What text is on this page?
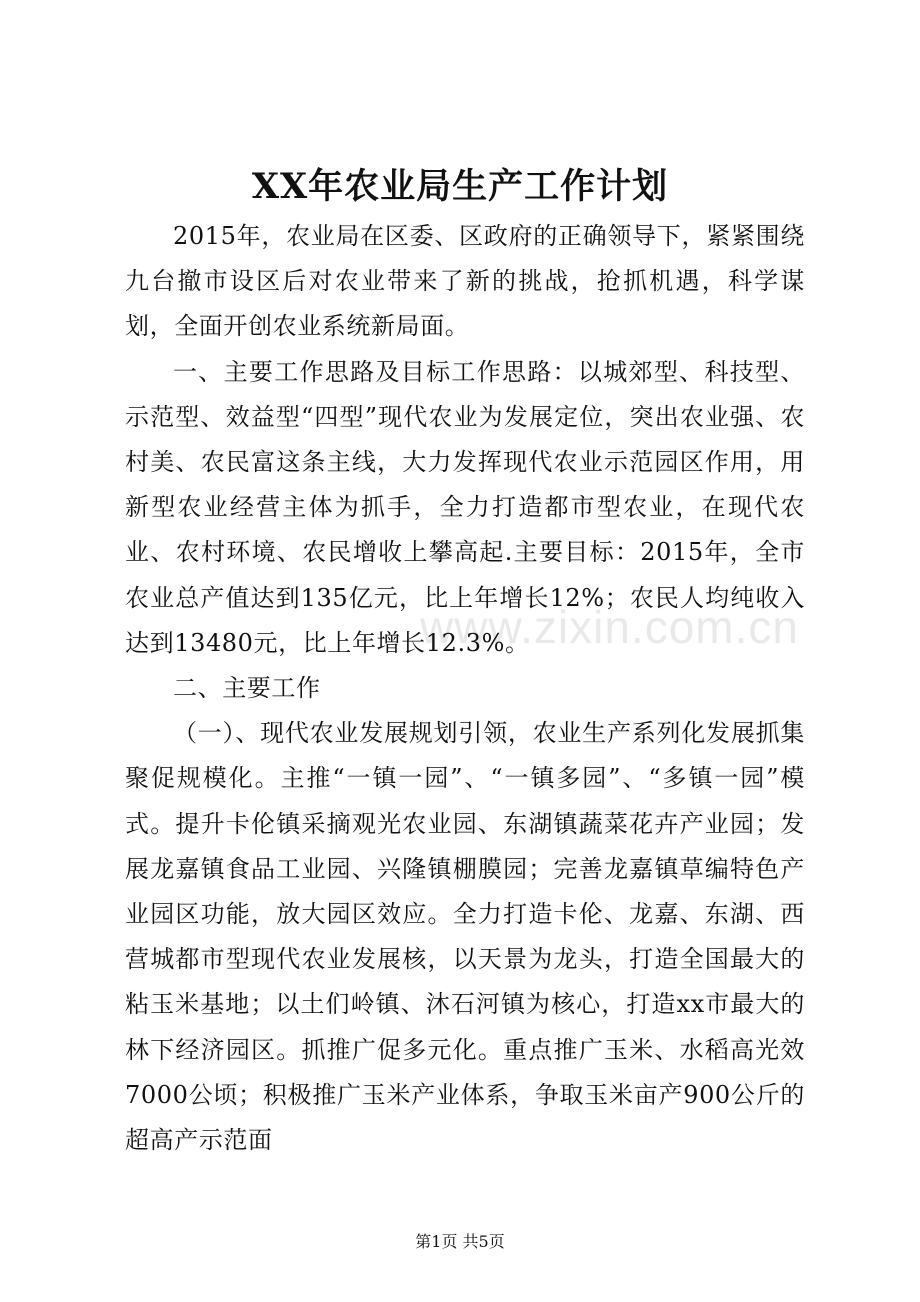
www.zixin.com.cn
XX年农业局生产工作计划

2015年，农业局在区委、区政府的正确领导下，紧紧围绕九台撤市设区后对农业带来了新的挑战，抢抓机遇，科学谋划，全面开创农业系统新局面。

一、主要工作思路及目标工作思路：以城郊型、科技型、示范型、效益型“四型”现代农业为发展定位，突出农业强、农村美、农民富这条主线，大力发挥现代农业示范园区作用，用新型农业经营主体为抓手，全力打造都市型农业，在现代农业、农村环境、农民增收上攀高起.主要目标：2015年，全市农业总产值达到135亿元，比上年增长12%；农民人均纯收入达到13480元，比上年增长12.3%。

二、主要工作

（一）、现代农业发展规划引领，农业生产系列化发展抓集聚促规模化。主推“一镇一园”、“一镇多园”、“多镇一园”模式。提升卡伦镇采摘观光农业园、东湖镇蔬菜花卉产业园；发展龙嘉镇食品工业园、兴隆镇棚膜园；完善龙嘉镇草编特色产业园区功能，放大园区效应。全力打造卡伦、龙嘉、东湖、西营城都市型现代农业发展核，以天景为龙头，打造全国最大的粘玉米基地；以土们岭镇、沐石河镇为核心，打造xx市最大的林下经济园区。抓推广促多元化。重点推广玉米、水稻高光效7000公顷；积极推广玉米产业体系，争取玉米亩产900公斤的超高产示范面

第1页 共5页
